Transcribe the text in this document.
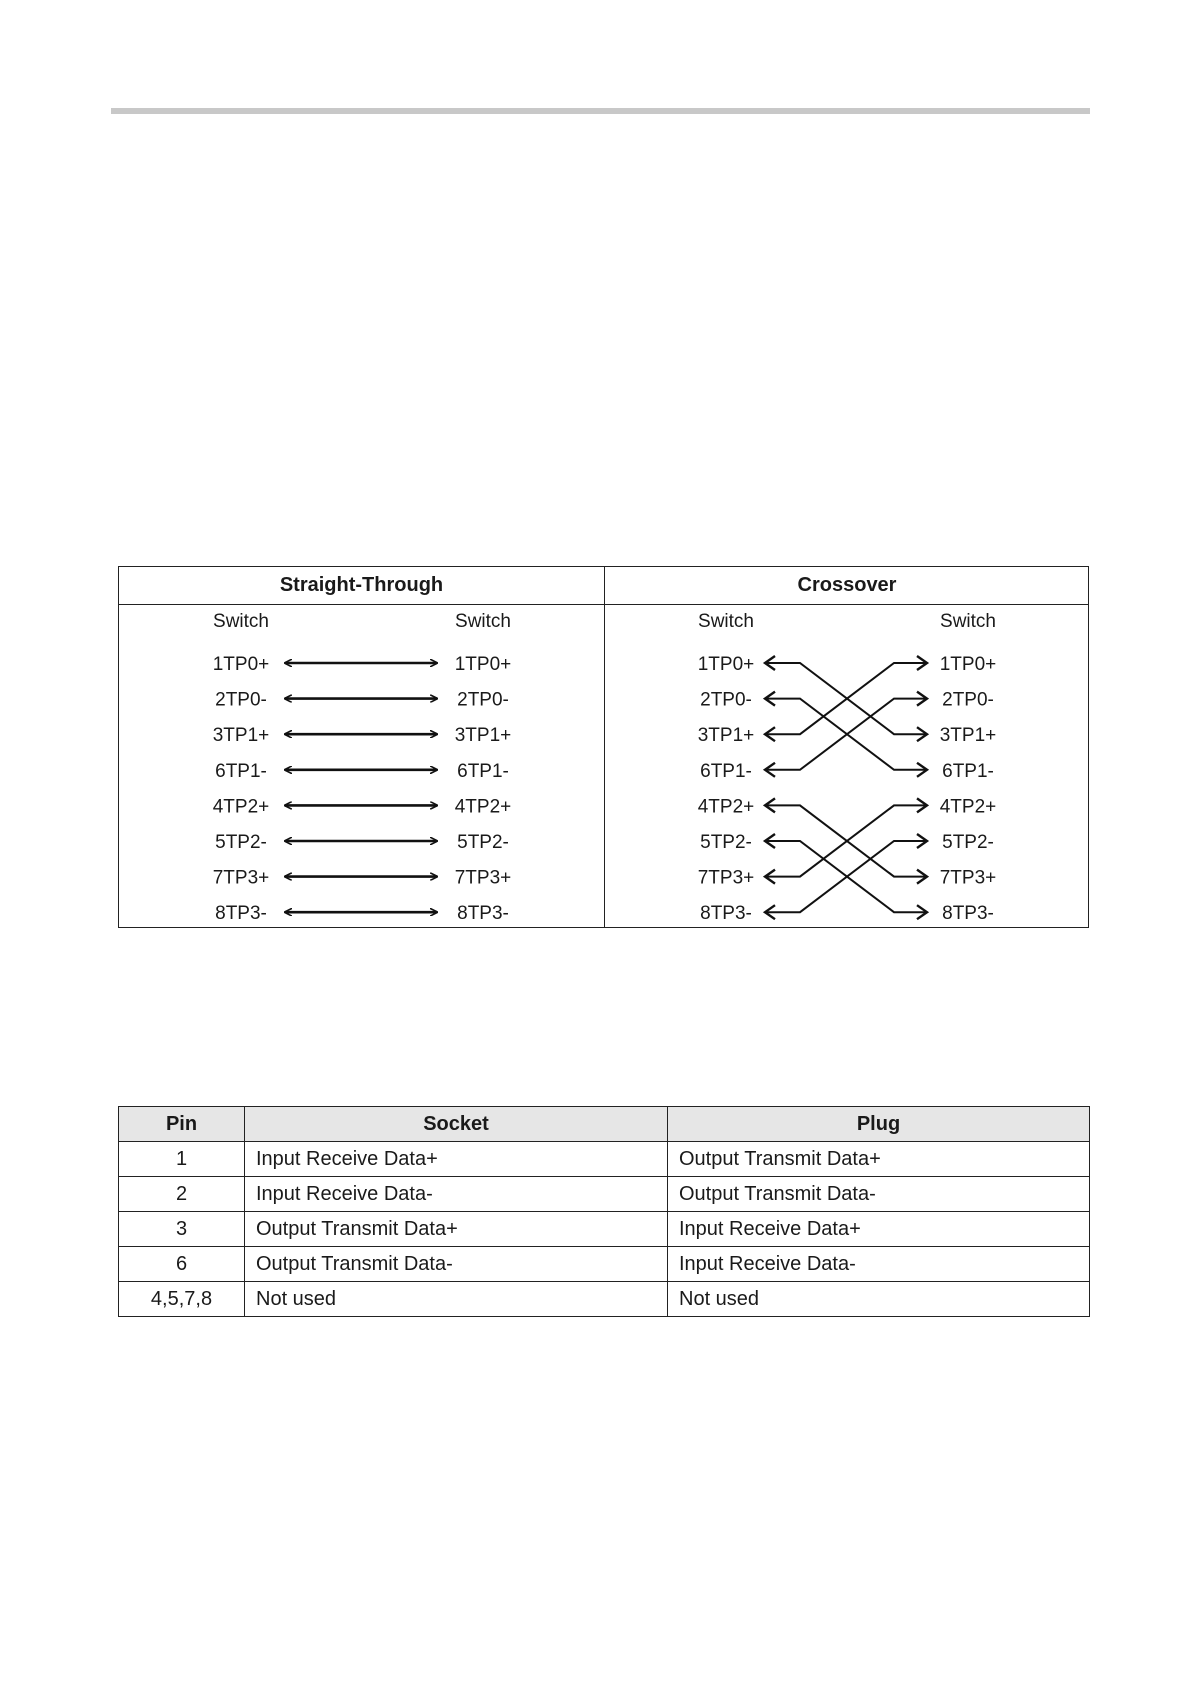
Straight-Through
Switch	Switch
1TP0+	1TP0+
2TP0-	2TP0-
3TP1+	3TP1+
6TP1-	6TP1-
4TP2+	4TP2+
5TP2-	5TP2-
7TP3+	7TP3+
8TP3-	8TP3-
Crossover
Switch	Switch
1TP0+	1TP0+
2TP0-	2TP0-
3TP1+	3TP1+
6TP1-	6TP1-
4TP2+	4TP2+
5TP2-	5TP2-
7TP3+	7TP3+
8TP3-	8TP3-
Pin	Socket	Plug
1	Input Receive Data+	Output Transmit Data+
2	Input Receive Data-	Output Transmit Data-
3	Output Transmit Data+	Input Receive Data+
6	Output Transmit Data-	Input Receive Data-
4,5,7,8	Not used	Not used
